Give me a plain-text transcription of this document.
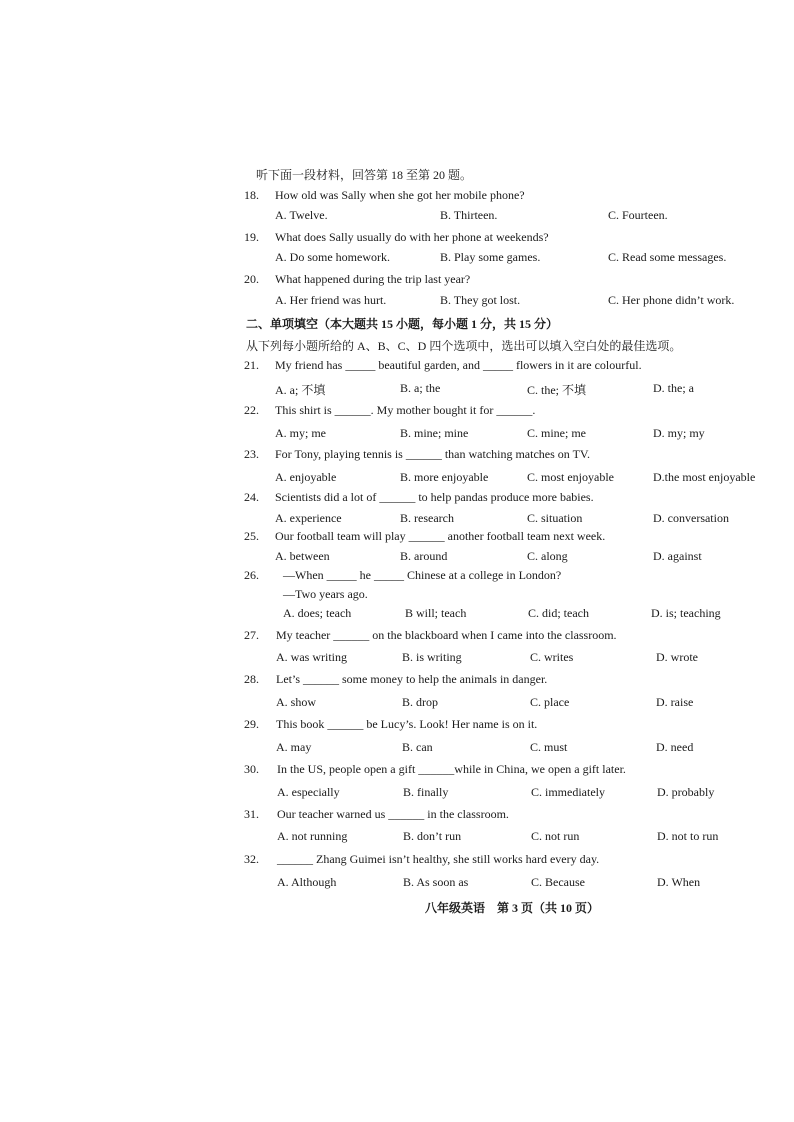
听下面一段材料，回答第 18 至第 20 题。
18. How old was Sally when she got her mobile phone?
A. Twelve.	B. Thirteen.	C. Fourteen.
19. What does Sally usually do with her phone at weekends?
A. Do some homework.	B. Play some games.	C. Read some messages.
20. What happened during the trip last year?
A. Her friend was hurt.	B. They got lost.	C. Her phone didn’t work.
二、单项填空（本大题共 15 小题，每小题 1 分，共 15 分）
从下列每小题所给的 A、B、C、D 四个选项中，选出可以填入空白处的最佳选项。
21. My friend has _____ beautiful garden, and _____ flowers in it are colourful.
A. a; 不填	B. a; the	C. the; 不填	D. the; a
22. This shirt is ______. My mother bought it for ______.
A. my; me	B. mine; mine	C. mine; me	D. my; my
23. For Tony, playing tennis is ______ than watching matches on TV.
A. enjoyable	B. more enjoyable	C. most enjoyable	D.the most enjoyable
24. Scientists did a lot of ______ to help pandas produce more babies.
A. experience	B. research	C. situation	D. conversation
25. Our football team will play ______ another football team next week.
A. between	B. around	C. along	D. against
26. —When _____ he _____ Chinese at a college in London?
—Two years ago.
A. does; teach	B will; teach	C. did; teach	D. is; teaching
27. My teacher ______ on the blackboard when I came into the classroom.
A. was writing	B. is writing	C. writes	D. wrote
28. Let’s ______ some money to help the animals in danger.
A. show	B. drop	C. place	D. raise
29. This book ______ be Lucy’s. Look! Her name is on it.
A. may	B. can	C. must	D. need
30. In the US, people open a gift ______while in China, we open a gift later.
A. especially	B. finally	C. immediately	D. probably
31. Our teacher warned us ______ in the classroom.
A. not running	B. don’t run	C. not run	D. not to run
32. ______ Zhang Guimei isn’t healthy, she still works hard every day.
A. Although	B. As soon as	C. Because	D. When
八年级英语　第 3 页（共 10 页）
